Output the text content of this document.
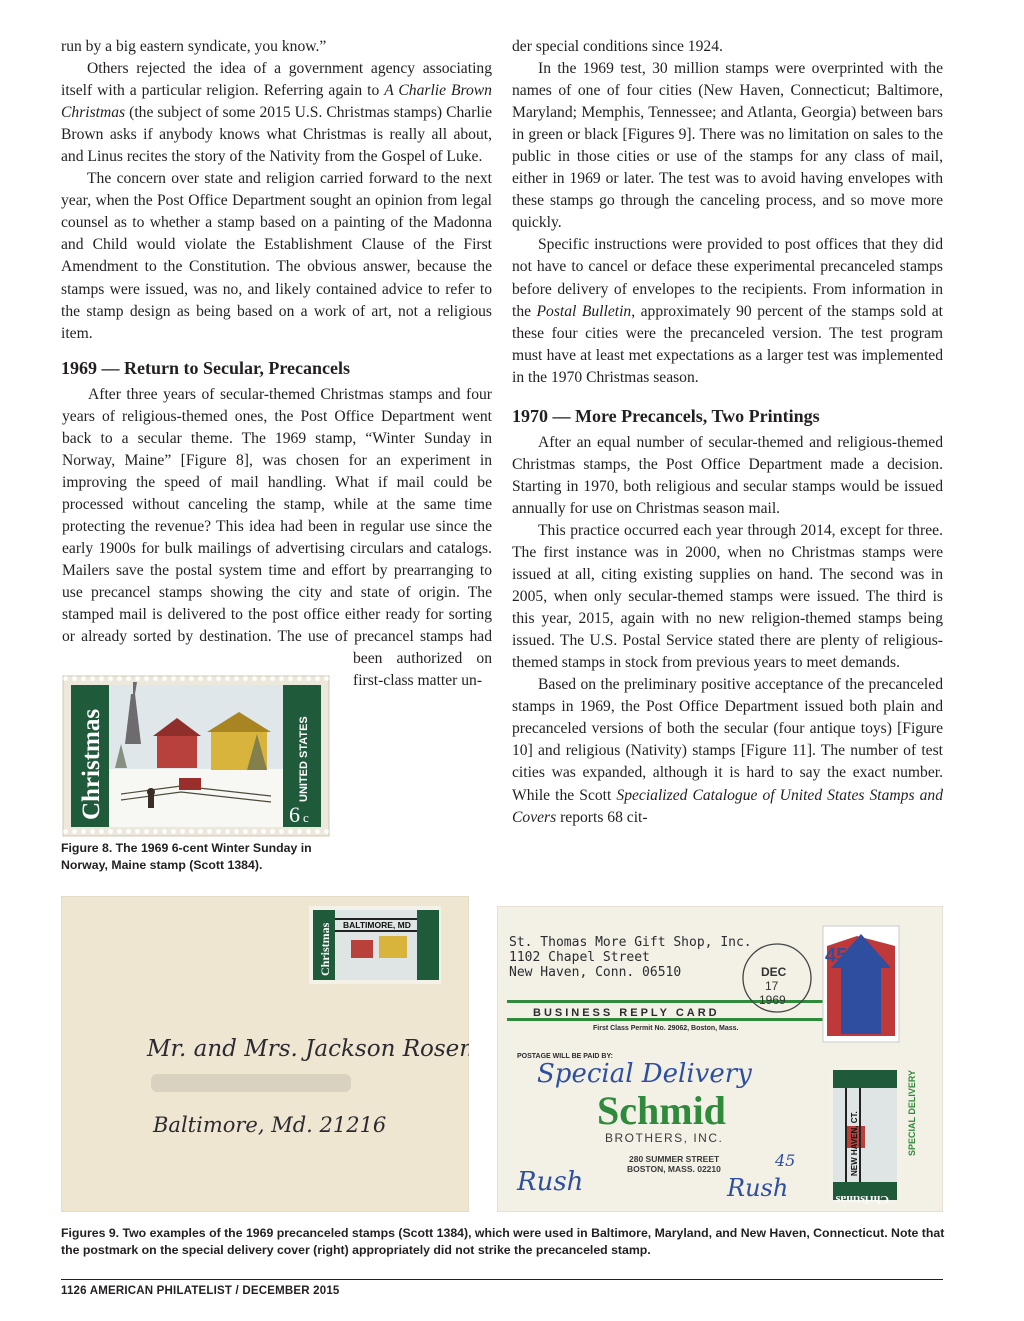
run by a big eastern syndicate, you know.”

Others rejected the idea of a government agency associating itself with a particular religion. Referring again to A Charlie Brown Christmas (the subject of some 2015 U.S. Christmas stamps) Charlie Brown asks if anybody knows what Christmas is really all about, and Linus recites the story of the Nativity from the Gospel of Luke.

The concern over state and religion carried forward to the next year, when the Post Office Department sought an opinion from legal counsel as to whether a stamp based on a painting of the Madonna and Child would violate the Establishment Clause of the First Amendment to the Constitution. The obvious answer, because the stamps were issued, was no, and likely contained advice to refer to the stamp design as being based on a work of art, not a religious item.

1969 — Return to Secular, Precancels

After three years of secular-themed Christmas stamps and four years of religious-themed ones, the Post Office Department went back to a secular theme. The 1969 stamp, “Winter Sunday in Norway, Maine” [Figure 8], was chosen for an experiment in improving the speed of mail handling. What if mail could be processed without canceling the stamp, while at the same time protecting the revenue? This idea had been in regular use since the early 1900s for bulk mailings of advertising circulars and catalogs. Mailers save the postal system time and effort by prearranging to use precancel stamps showing the city and state of origin. The stamped mail is delivered to the post office either ready for sorting or already sorted by destination. The use of precancel stamps had been authorized on first-class matter un-

Christmas	UNITED STATES
6 c
Figure 8. The 1969 6-cent Winter Sunday in Norway, Maine stamp (Scott 1384).

der special conditions since 1924.

In the 1969 test, 30 million stamps were overprinted with the names of one of four cities (New Haven, Connecticut; Baltimore, Maryland; Memphis, Tennessee; and Atlanta, Georgia) between bars in green or black [Figures 9]. There was no limitation on sales to the public in those cities or use of the stamps for any class of mail, either in 1969 or later. The test was to avoid having envelopes with these stamps go through the canceling process, and so move more quickly.

Specific instructions were provided to post offices that they did not have to cancel or deface these experimental precanceled stamps before delivery of envelopes to the recipients. From information in the Postal Bulletin, approximately 90 percent of the stamps sold at these four cities were the precanceled version. The test program must have at least met expectations as a larger test was implemented in the 1970 Christmas season.

1970 — More Precancels, Two Printings

After an equal number of secular-themed and religious-themed Christmas stamps, the Post Office Department made a decision. Starting in 1970, both religious and secular stamps would be issued annually for use on Christmas season mail.

This practice occurred each year through 2014, except for three. The first instance was in 2000, when no Christmas stamps were issued at all, citing existing supplies on hand. The second was in 2005, when only secular-themed stamps were issued. The third is this year, 2015, again with no new religion-themed stamps being issued. The U.S. Postal Service stated there are plenty of religious-themed stamps in stock from previous years to meet demands.

Based on the preliminary positive acceptance of the precanceled stamps in 1969, the Post Office Department issued both plain and precanceled versions of both the secular (four antique toys) [Figure 10] and religious (Nativity) stamps [Figure 11]. The number of test cities was expanded, although it is hard to say the exact number. While the Scott Specialized Catalogue of United States Stamps and Covers reports 68 cit-

BALTIMORE, MD
Christmas
Mr. and Mrs. Jackson Rosen,
Baltimore, Md. 21216
St. Thomas More Gift Shop, Inc.
1102 Chapel Street
New Haven, Conn. 06510
BUSINESS REPLY CARD
First Class Permit No. 29062, Boston, Mass.
POSTAGE WILL BE PAID BY:
Special Delivery
Schmid
BROTHERS, INC.
280 SUMMER STREET
BOSTON, MASS. 02210
Rush	Rush
45
45
SPECIAL DELIVERY
DEC
17
1969
NEW HAVEN, CT.
Christmas
Figures 9. Two examples of the 1969 precanceled stamps (Scott 1384), which were used in Baltimore, Maryland, and New Haven, Connecticut. Note that the postmark on the special delivery cover (right) appropriately did not strike the precanceled stamp.
1126 AMERICAN PHILATELIST / DECEMBER 2015
